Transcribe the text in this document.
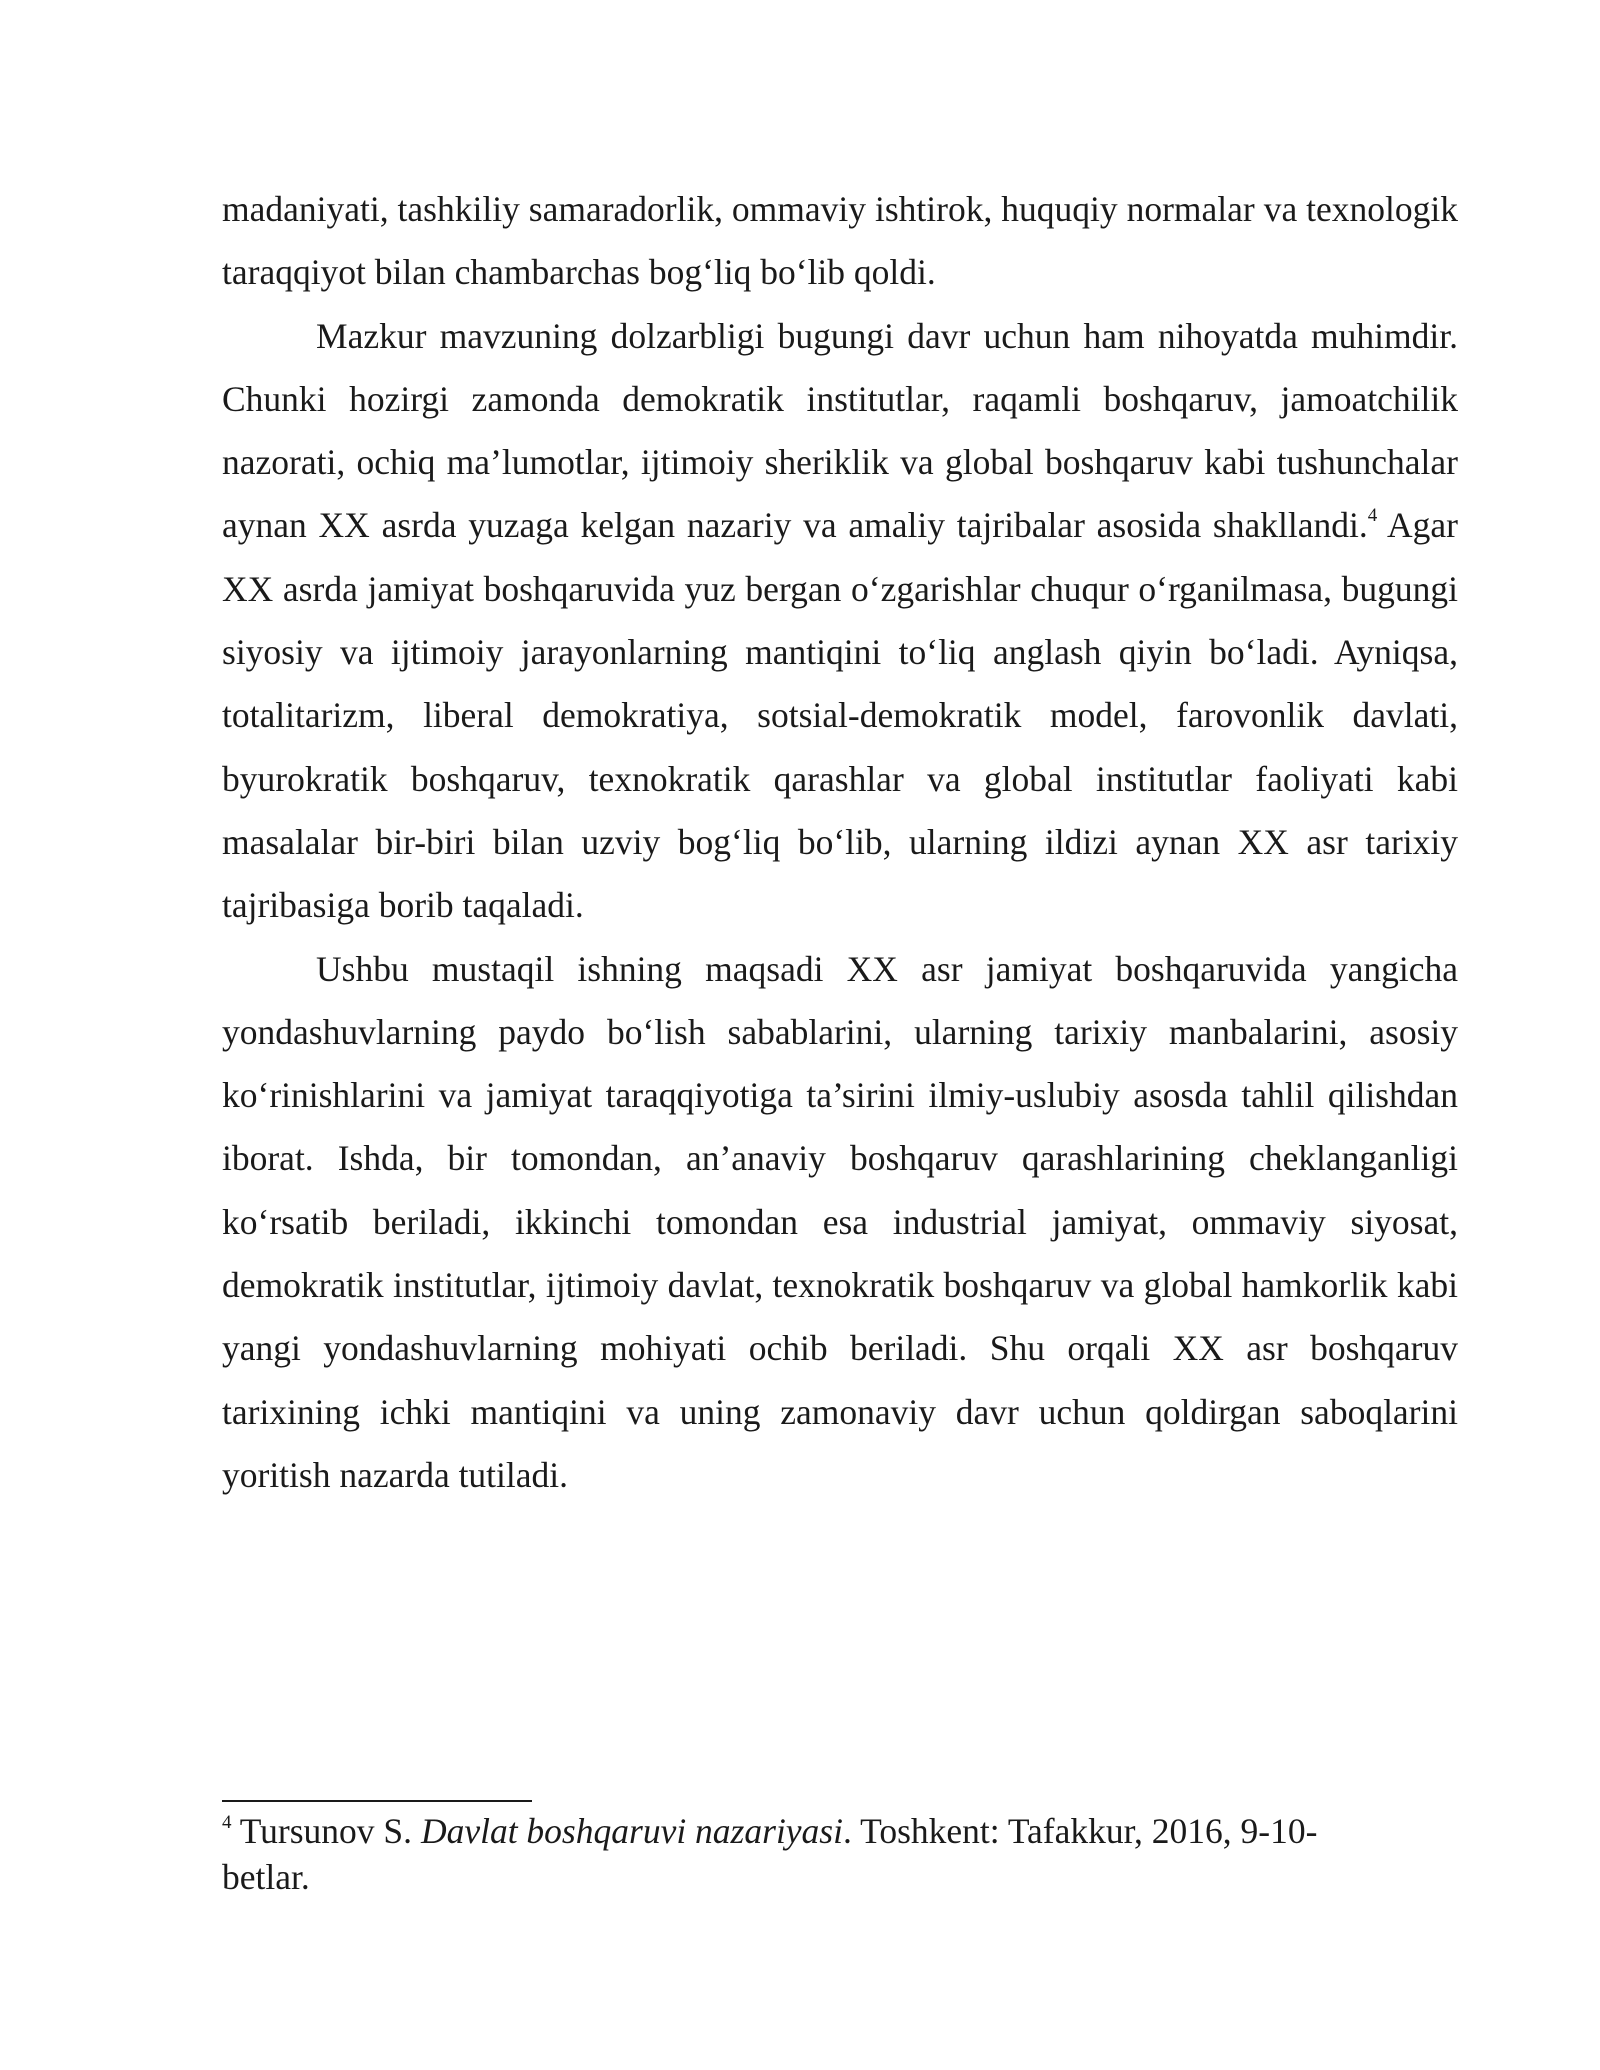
madaniyati, tashkiliy samaradorlik, ommaviy ishtirok, huquqiy normalar va texnologik taraqqiyot bilan chambarchas bog‘liq bo‘lib qoldi.

Mazkur mavzuning dolzarbligi bugungi davr uchun ham nihoyatda muhimdir. Chunki hozirgi zamonda demokratik institutlar, raqamli boshqaruv, jamoatchilik nazorati, ochiq ma’lumotlar, ijtimoiy sheriklik va global boshqaruv kabi tushunchalar aynan XX asrda yuzaga kelgan nazariy va amaliy tajribalar asosida shakllandi.$^4$ Agar XX asrda jamiyat boshqaruvida yuz bergan o‘zgarishlar chuqur o‘rganilmasa, bugungi siyosiy va ijtimoiy jarayonlarning mantiqini to‘liq anglash qiyin bo‘ladi. Ayniqsa, totalitarizm, liberal demokratiya, sotsial-demokratik model, farovonlik davlati, byurokratik boshqaruv, texnokratik qarashlar va global institutlar faoliyati kabi masalalar bir-biri bilan uzviy bog‘liq bo‘lib, ularning ildizi aynan XX asr tarixiy tajribasiga borib taqaladi.

Ushbu mustaqil ishning maqsadi XX asr jamiyat boshqaruvida yangicha yondashuvlarning paydo bo‘lish sabablarini, ularning tarixiy manbalarini, asosiy ko‘rinishlarini va jamiyat taraqqiyotiga ta’sirini ilmiy-uslubiy asosda tahlil qilishdan iborat. Ishda, bir tomondan, an’anaviy boshqaruv qarashlarining cheklanganligi ko‘rsatib beriladi, ikkinchi tomondan esa industrial jamiyat, ommaviy siyosat, demokratik institutlar, ijtimoiy davlat, texnokratik boshqaruv va global hamkorlik kabi yangi yondashuvlarning mohiyati ochib beriladi. Shu orqali XX asr boshqaruv tarixining ichki mantiqini va uning zamonaviy davr uchun qoldirgan saboqlarini yoritish nazarda tutiladi.

$^4$ Tursunov S. Davlat boshqaruvi nazariyasi. Toshkent: Tafakkur, 2016, 9-10-betlar.
